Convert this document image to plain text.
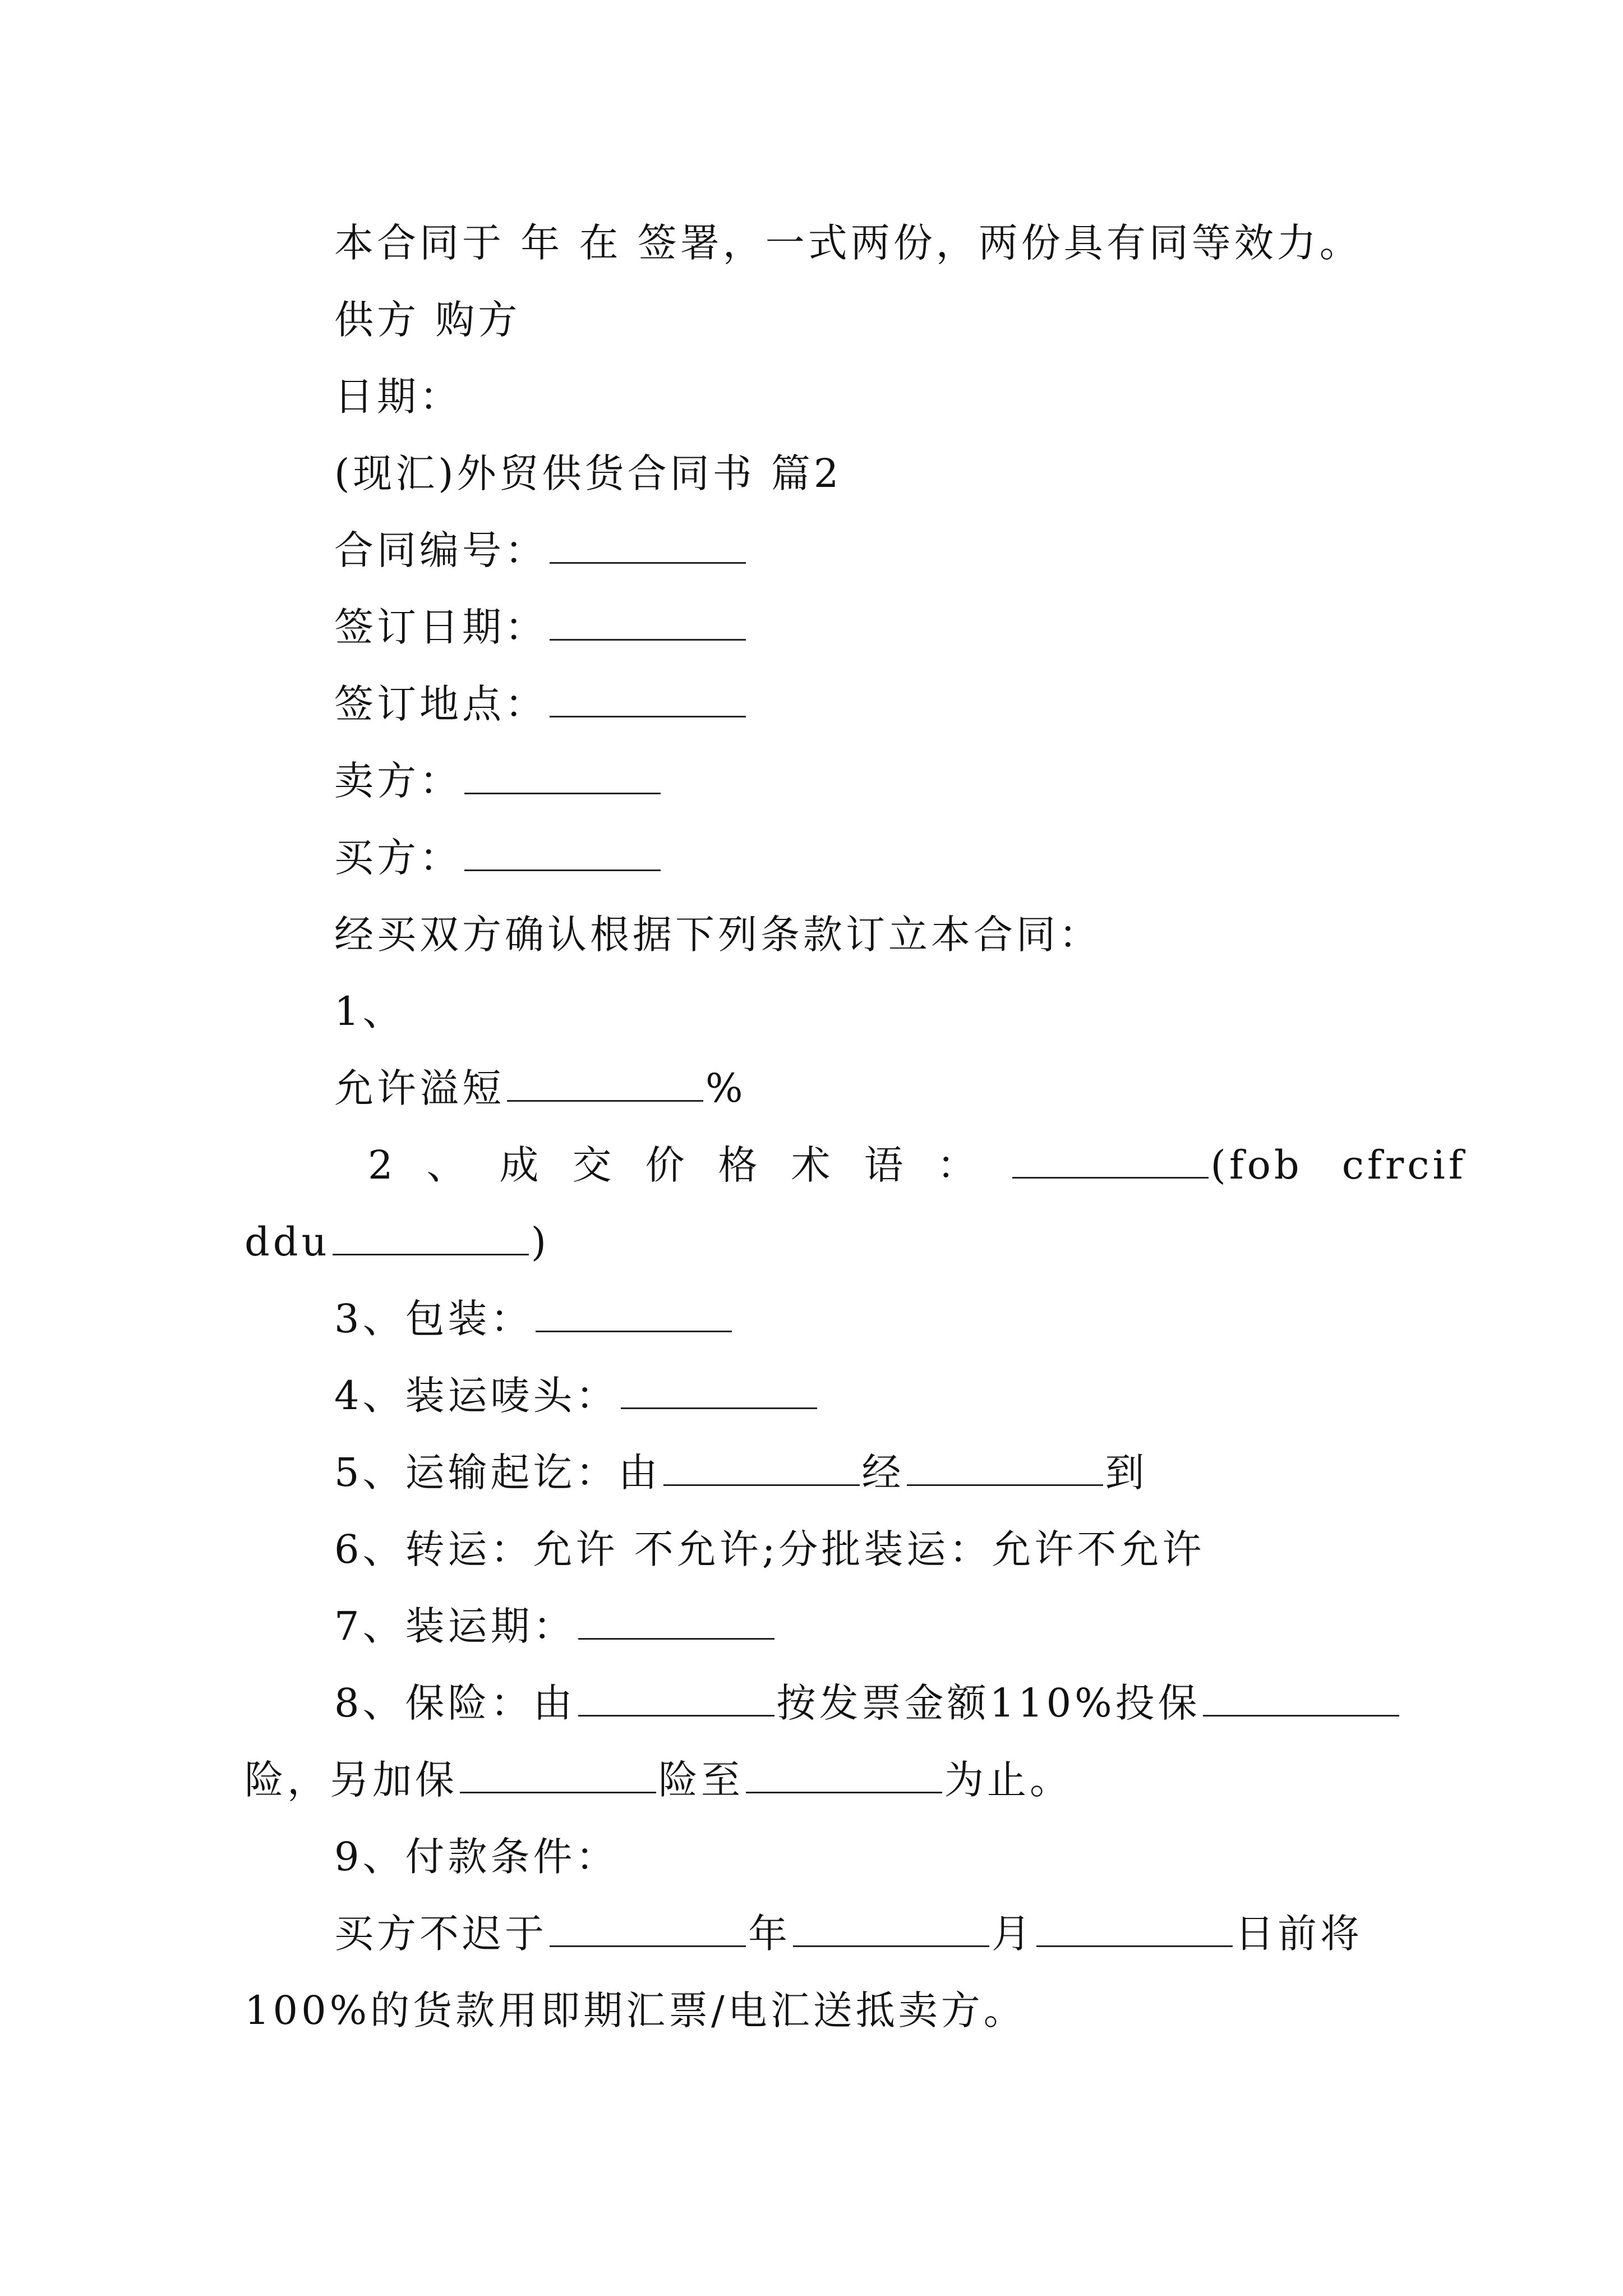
本合同于 年 在 签署，一式两份，两份具有同等效力。
供方 购方
日期：
(现汇)外贸供货合同书 篇2
合同编号：
签订日期：
签订地点：
卖方：
买方：
经买双方确认根据下列条款订立本合同：
1、
允许溢短	%
2、成交价格术语：	(fob cfrcif
ddu	)
3、包装：
4、装运唛头：
5、运输起讫：由	经	到
6、转运：允许 不允许;分批装运：允许不允许
7、装运期：
8、保险：由	按发票金额110%投保
险，另加保	险至	为止。
9、付款条件：
买方不迟于	年	月	日前将
100%的货款用即期汇票/电汇送抵卖方。
